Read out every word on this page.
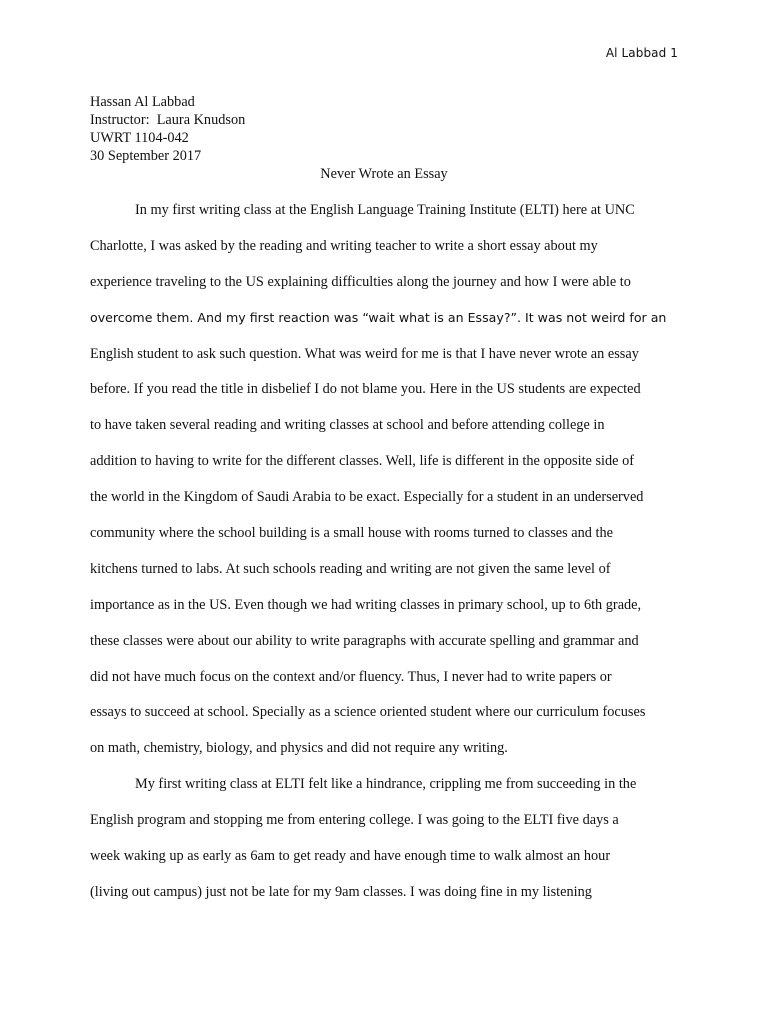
Al Labbad 1
Hassan Al Labbad
Instructor:  Laura Knudson
UWRT 1104-042
30 September 2017
Never Wrote an Essay
In my first writing class at the English Language Training Institute (ELTI) here at UNC
Charlotte, I was asked by the reading and writing teacher to write a short essay about my
experience traveling to the US explaining difficulties along the journey and how I were able to
overcome them. And my first reaction was “wait what is an Essay?”. It was not weird for an
English student to ask such question. What was weird for me is that I have never wrote an essay
before. If you read the title in disbelief I do not blame you. Here in the US students are expected
to have taken several reading and writing classes at school and before attending college in
addition to having to write for the different classes. Well, life is different in the opposite side of
the world in the Kingdom of Saudi Arabia to be exact. Especially for a student in an underserved
community where the school building is a small house with rooms turned to classes and the
kitchens turned to labs. At such schools reading and writing are not given the same level of
importance as in the US. Even though we had writing classes in primary school, up to 6th grade,
these classes were about our ability to write paragraphs with accurate spelling and grammar and
did not have much focus on the context and/or fluency. Thus, I never had to write papers or
essays to succeed at school. Specially as a science oriented student where our curriculum focuses
on math, chemistry, biology, and physics and did not require any writing.
My first writing class at ELTI felt like a hindrance, crippling me from succeeding in the
English program and stopping me from entering college. I was going to the ELTI five days a
week waking up as early as 6am to get ready and have enough time to walk almost an hour
(living out campus) just not be late for my 9am classes. I was doing fine in my listening
